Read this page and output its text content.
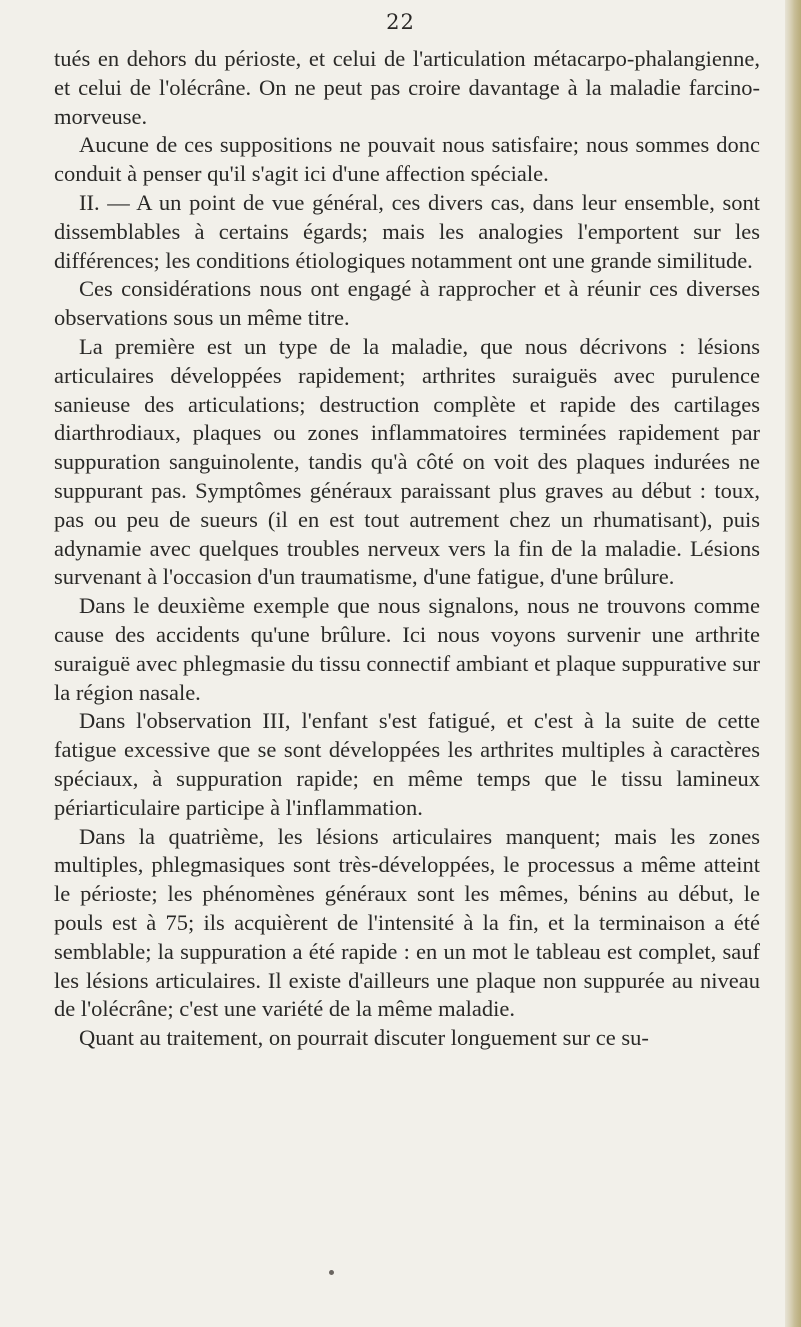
22

tués en dehors du périoste, et celui de l'articulation métacarpo-phalangienne, et celui de l'olécrâne. On ne peut pas croire davantage à la maladie farcino-morveuse.

Aucune de ces suppositions ne pouvait nous satisfaire; nous sommes donc conduit à penser qu'il s'agit ici d'une affection spéciale.

II. — A un point de vue général, ces divers cas, dans leur ensemble, sont dissemblables à certains égards; mais les analogies l'emportent sur les différences; les conditions étiologiques notamment ont une grande similitude.

Ces considérations nous ont engagé à rapprocher et à réunir ces diverses observations sous un même titre.

La première est un type de la maladie, que nous décrivons : lésions articulaires développées rapidement; arthrites suraiguës avec purulence sanieuse des articulations; destruction complète et rapide des cartilages diarthrodiaux, plaques ou zones inflammatoires terminées rapidement par suppuration sanguinolente, tandis qu'à côté on voit des plaques indurées ne suppurant pas. Symptômes généraux paraissant plus graves au début : toux, pas ou peu de sueurs (il en est tout autrement chez un rhumatisant), puis adynamie avec quelques troubles nerveux vers la fin de la maladie. Lésions survenant à l'occasion d'un traumatisme, d'une fatigue, d'une brûlure.

Dans le deuxième exemple que nous signalons, nous ne trouvons comme cause des accidents qu'une brûlure. Ici nous voyons survenir une arthrite suraiguë avec phlegmasie du tissu connectif ambiant et plaque suppurative sur la région nasale.

Dans l'observation III, l'enfant s'est fatigué, et c'est à la suite de cette fatigue excessive que se sont développées les arthrites multiples à caractères spéciaux, à suppuration rapide; en même temps que le tissu lamineux périarticulaire participe à l'inflammation.

Dans la quatrième, les lésions articulaires manquent; mais les zones multiples, phlegmasiques sont très-développées, le processus a même atteint le périoste; les phénomènes généraux sont les mêmes, bénins au début, le pouls est à 75; ils acquièrent de l'intensité à la fin, et la terminaison a été semblable; la suppuration a été rapide : en un mot le tableau est complet, sauf les lésions articulaires. Il existe d'ailleurs une plaque non suppurée au niveau de l'olécrâne; c'est une variété de la même maladie.

Quant au traitement, on pourrait discuter longuement sur ce su-
